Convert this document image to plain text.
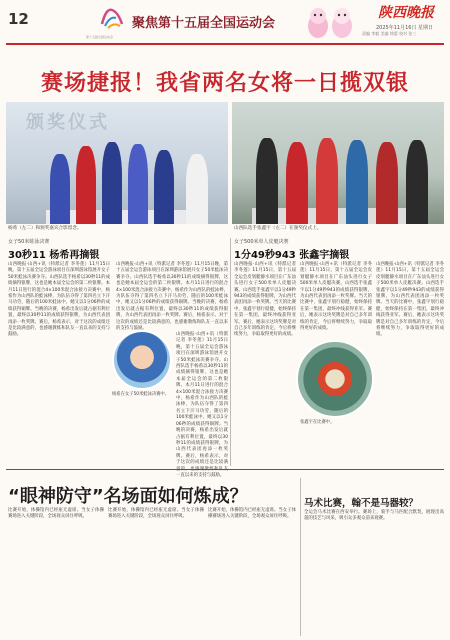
12
第十五届全国运动会
聚焦第十五届全国运动会
陕西晚报
2025年11月16日 星期日
责编 李毅 美编 徐蕾 校对 张三
赛场捷报！我省两名女将一日揽双银
颁奖仪式
杨希（左二）和颁奖嘉宾合影留念。	山西队选手张鑫宇（左二）在颁奖仪式上。
女子50米蛙泳决赛
30秒11 杨希再摘银
山西晚报·山西+讯（特派记者 李冬莲）11月15日晚，第十五届全运会游泳项目在深圳游泳馆展开女子50米蛙泳决赛争夺。山西队选手杨希以30秒11的成绩摘得银牌，这也是她本届全运会的第二枚银牌。本月11日进行的混合4×100米混合泳接力决赛中，杨希作为山西队的蛙泳棒，为队伍夺得了第四名立下汗马功劳，随后的100米蛙泳中，她又以1分06秒的成绩获得铜牌。当晚的决赛，杨希出发后就占据有利位置，最终以30秒11的成绩获得银牌，为山西代表团再添一枚奖牌。赛后，杨希表示，对于这次的成绩还是比较满意的，也感谢教练和队友一直以来的支持与鼓励。
杨希在女子50米蛙泳决赛中。
山西晚报·山西+讯（特派记者 李冬莲）11月15日晚，第十五届全运会游泳项目在深圳游泳馆展开女子50米蛙泳决赛争夺。山西队选手杨希以30秒11的成绩摘得银牌，这也是她本届全运会的第二枚银牌。本月11日进行的混合4×100米混合泳接力决赛中，杨希作为山西队的蛙泳棒，为队伍夺得了第四名立下汗马功劳，随后的100米蛙泳中，她又以1分06秒的成绩获得铜牌。当晚的决赛，杨希出发后就占据有利位置，最终以30秒11的成绩获得银牌，为山西代表团再添一枚奖牌。赛后，杨希表示，对于这次的成绩还是比较满意的，也感谢教练和队友一直以来的支持与鼓励。
山西晚报·山西+讯（特派记者 李冬莲）11月15日晚，第十五届全运会游泳项目在深圳游泳馆展开女子50米蛙泳决赛争夺。山西队选手杨希以30秒11的成绩摘得银牌，这也是她本届全运会的第二枚银牌。本月11日进行的混合4×100米混合泳接力决赛中，杨希作为山西队的蛙泳棒，为队伍夺得了第四名立下汗马功劳，随后的100米蛙泳中，她又以1分06秒的成绩获得铜牌。当晚的决赛，杨希出发后就占据有利位置，最终以30秒11的成绩获得银牌，为山西代表团再添一枚奖牌。赛后，杨希表示，对于这次的成绩还是比较满 一直以来的支持与鼓励。
女子500米单人皮艇决赛
1分49秒943 张鑫宇摘银
山西晚报·山西+讯（特派记者 李冬莲）11月15日，第十五届全运会皮划艇静水项目在广东汕头进行女子500米单人皮艇决赛。山西选手张鑫宇以1分49秒943的成绩获得银牌，为山西代表团再添一枚奖牌。当天的比赛中，张鑫宇划行稳健，始终保持在第一集团，最终冲线获得亚军。赛后，她表示这块奖牌是对自己多年训练的肯定，今后将继续努力，争取取得更好的成绩。
山西晚报·山西+讯（特派记者 李冬莲）11月15日，第十五届全运会皮划艇静水项目在广东汕头进行女子500米单人皮艇决赛。山西选手张鑫宇以1分49秒943的成绩获得银牌，为山西代表团再添一枚奖牌。当天的比赛中，张鑫宇划行稳健，始终保持在第一集团，最终冲线获得亚军。赛后，她表示这块奖牌是对自己多年训练的肯定，今后将继续努力，争取取得更好的成绩。
山西晚报·山西+讯（特派记者 李冬莲）11月15日，第十五届全运会皮划艇静水项目在广东汕头进行女子500米单人皮艇决赛。山西选手张鑫宇以1分49秒943的成绩获得银牌，为山西代表团再添一枚奖牌。当天的比赛中，张鑫宇划行稳健，始终保持在第一集团，最终冲线获得亚军。赛后，她表示这块奖牌是对自己多年训练的肯定，今后将继续努力，争取取得更好的成绩。
张鑫宇在比赛中。
“眼神防守”名场面如何炼成？
比赛开始，体操馆内已经座无虚席。当女子体操赛场进入关键阶段，全场观众屏住呼吸。
比赛开始，体操馆内已经座无虚席。当女子体操赛场进入关键阶段，全场观众屏住呼吸。
比赛开始，体操馆内已经座无虚席。当女子体操赛场进入关键阶段，全场观众屏住呼吸。
马术比赛，翰不是马器较？
全运会马术比赛在西安举行。赛场上，骑手与马匹配合默契，展现出高超的技艺与风采，吸引众多观众前来观赛。
